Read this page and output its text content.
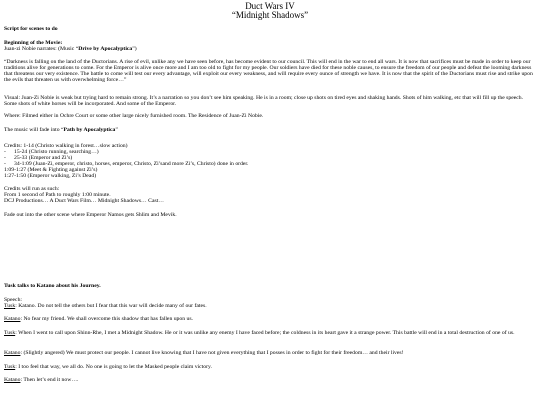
Duct Wars IV
“Midnight Shadows”
Script for scenes to do
Beginning of the Movie:
Juan-zi Nobie narrates: (Music “Drive by Apocalyptica”)
“Darkness is falling on the land of the Ductorians. A rise of evil, unlike any we have seen before, has become evident to our council. This will end in the war to end all wars. It is now that sacrifices must be made in order to keep our traditions alive for generations to come. For the Emperor is alive once more and I am too old to fight for my people. Our soldiers have died for these noble causes, to ensure the freedom of our people and defeat the looming darkness that threatens our very existence. The battle to come will test our every advantage, will exploit our every weakness, and will require every ounce of strength we have. It is now that the spirit of the Ductorians must rise and strike upon the evils that threaten us with overwhelming force…”
Visual: Juan-Zi Nobie is weak but trying hard to remain strong. It’s a narration so you don’t see him speaking. He is in a room; close up shots on tired eyes and shaking hands. Shots of him walking, etc that will fill up the speech. Some shots of white horses will be incorporated. And some of the Emperor.
Where: Filmed either in Ochre Court or some other large nicely furnished room. The Residence of Juan-Zi Nobie.
The music will fade into “Path by Apocalyptica”
Credits: 1-14 (Christo walking in forest…slow action)
- 15-24 (Christo running, searching…)
- 25-33 (Emperor and Zi’s)
- 34-1:09 (Juan-Zi, emperor, christo, horses, emperor, Christo, Zi’sand more Zi’s, Christo) done in order.
1:09-1:27 (Meet & Fighting against Zi’s)
1:27-1:50 (Emperor walking, Zi’s Dead)
Credits will run as such:
From 1 second of Path to roughly 1:00 minute.
DCJ Productions… A Duct Wars Film… Midnight Shadows… Cast…
Fade out into the other scene where Emperor Namos gets Shlim and Mevik.
Tusk talks to Katano about his Journey.
Speech:
Tusk: Katano. Do not tell the others but I fear that this war will decide many of our fates.
Katano: No fear my friend. We shall overcome this shadow that has fallen upon us.
Tusk: When I went to call upon Shinn-Rhe, I met a Midnight Shadow. He or it was unlike any enemy I have faced before; the coldness in its heart gave it a strange power. This battle will end in a total destruction of one of us.
Katano: (Slightly angered) We must protect our people. I cannot live knowing that I have not given everything that I posses in order to fight for their freedom… and their lives!
Tusk: I too feel that way, we all do. No one is going to let the Masked people claim victory.
Katano: Then let’s end it now….
